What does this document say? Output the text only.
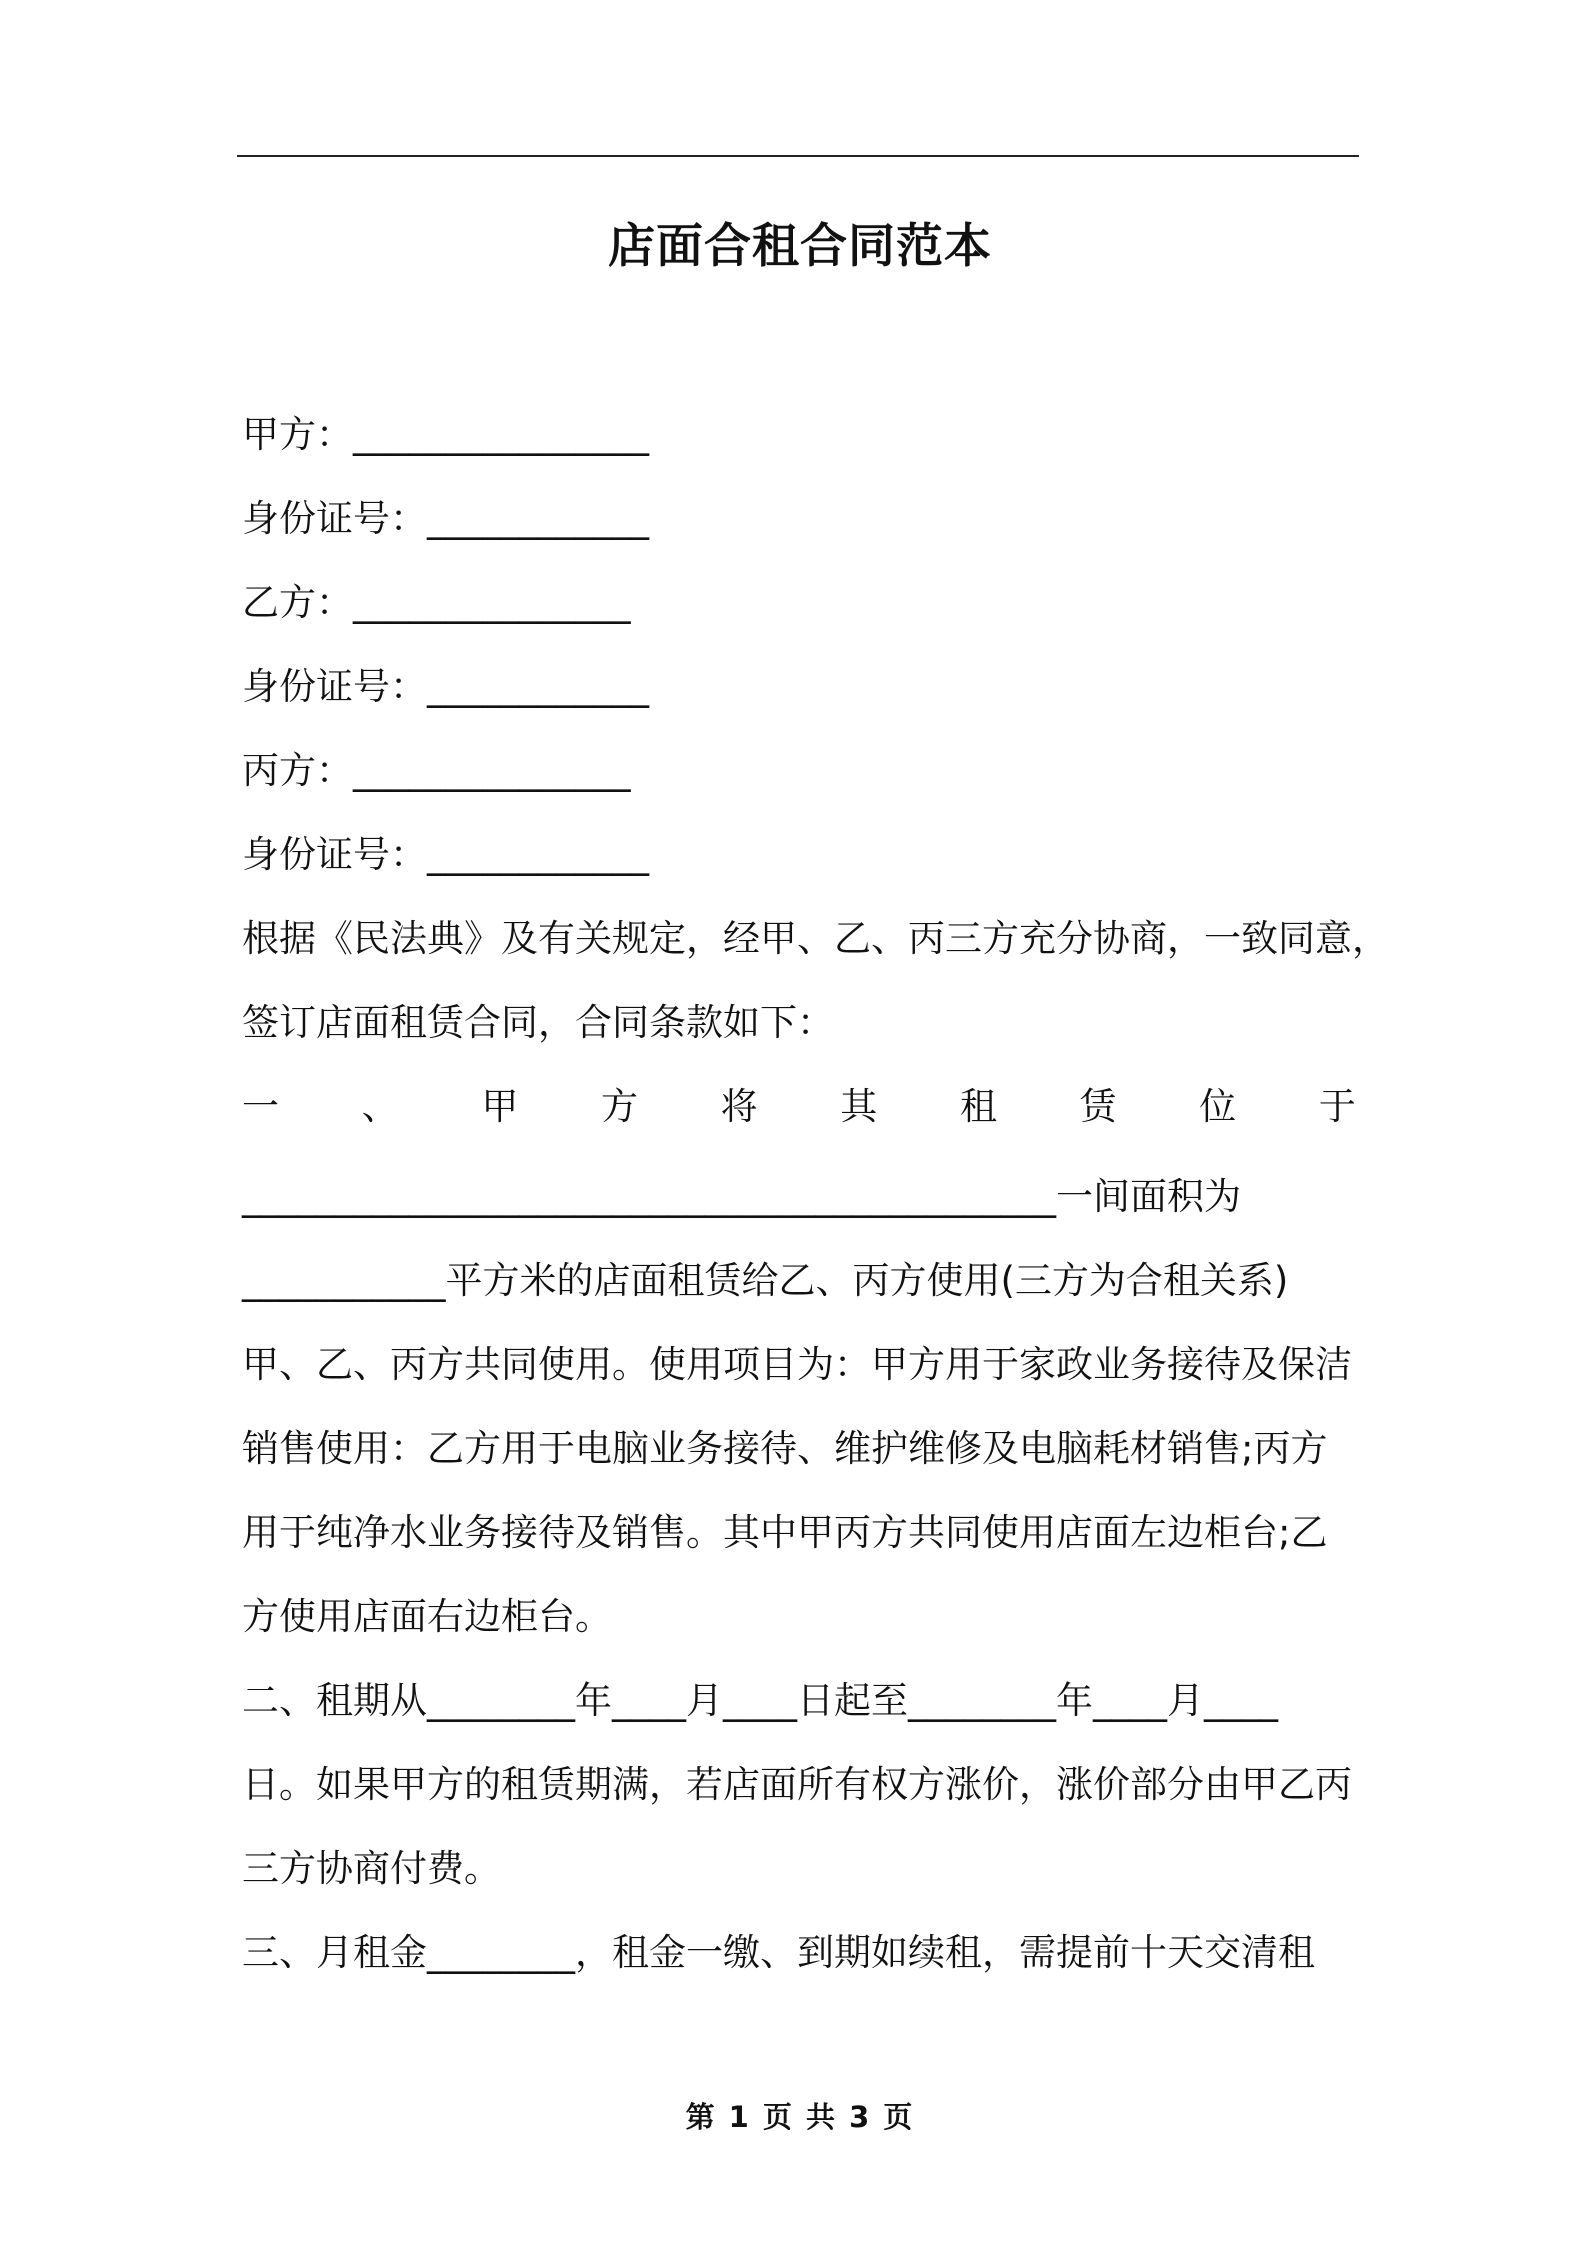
店面合租合同范本
甲方：________________
身份证号：____________
乙方：_______________
身份证号：____________
丙方：_______________
身份证号：____________
根据《民法典》及有关规定，经甲、乙、丙三方充分协商，一致同意，
签订店面租赁合同，合同条款如下：
一 、 甲 方 将 其 租 赁 位 于
____________________________________________一间面积为
___________平方米的店面租赁给乙、丙方使用(三方为合租关系)
甲、乙、丙方共同使用。使用项目为：甲方用于家政业务接待及保洁
销售使用：乙方用于电脑业务接待、维护维修及电脑耗材销售;丙方
用于纯净水业务接待及销售。其中甲丙方共同使用店面左边柜台;乙
方使用店面右边柜台。
二、租期从________年____月____日起至________年____月____
日。如果甲方的租赁期满，若店面所有权方涨价，涨价部分由甲乙丙
三方协商付费。
三、月租金________，租金一缴、到期如续租，需提前十天交清租
第 1 页 共 3 页
